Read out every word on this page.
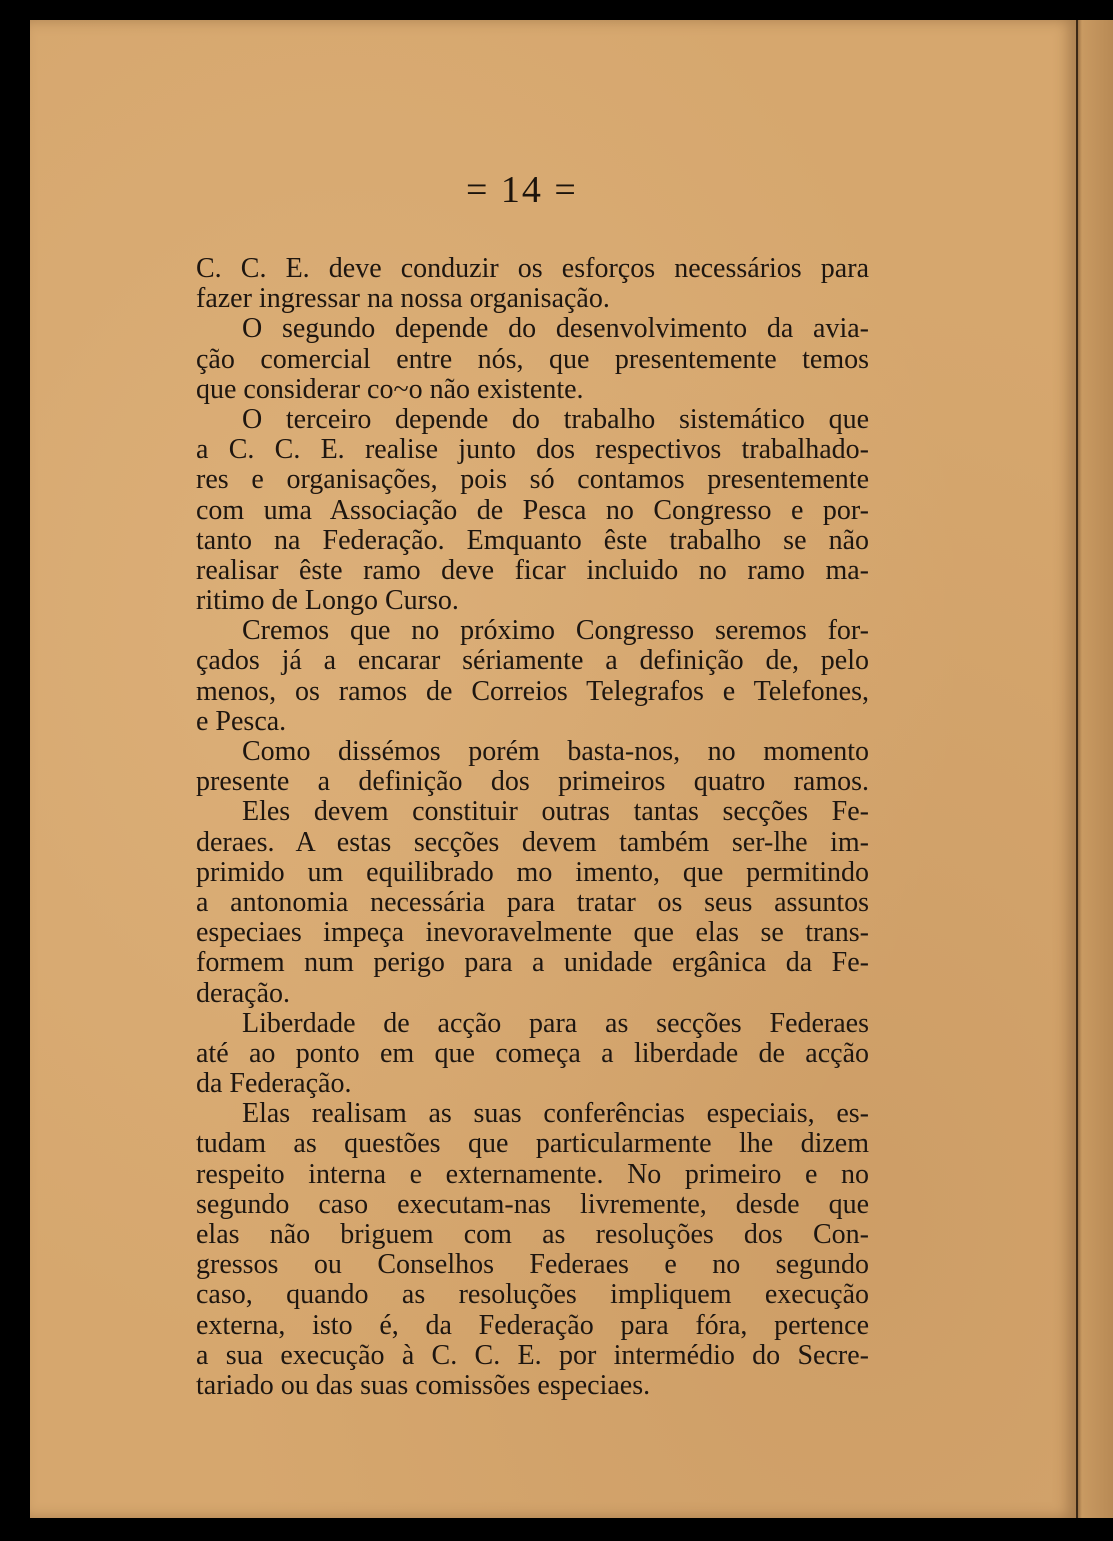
= 14 =
C. C. E. deve conduzir os esforços necessários para
fazer ingressar na nossa organisação.
O segundo depende do desenvolvimento da avia-
ção comercial entre nós, que presentemente temos
que considerar co~o não existente.
O terceiro depende do trabalho sistemático que
a C. C. E. realise junto dos respectivos trabalhado-
res e organisações, pois só contamos presentemente
com uma Associação de Pesca no Congresso e por-
tanto na Federação. Emquanto êste trabalho se não
realisar êste ramo deve ficar incluido no ramo ma-
ritimo de Longo Curso.
Cremos que no próximo Congresso seremos for-
çados já a encarar sériamente a definição de, pelo
menos, os ramos de Correios Telegrafos e Telefones,
e Pesca.
Como dissémos porém basta-nos, no momento
presente a definição dos primeiros quatro ramos.
Eles devem constituir outras tantas secções Fe-
deraes. A estas secções devem também ser-lhe im-
primido um equilibrado mo imento, que permitindo
a antonomia necessária para tratar os seus assuntos
especiaes impeça inevoravelmente que elas se trans-
formem num perigo para a unidade ergânica da Fe-
deração.
Liberdade de acção para as secções Federaes
até ao ponto em que começa a liberdade de acção
da Federação.
Elas realisam as suas conferências especiais, es-
tudam as questões que particularmente lhe dizem
respeito interna e externamente. No primeiro e no
segundo caso executam-nas livremente, desde que
elas não briguem com as resoluções dos Con-
gressos ou Conselhos Federaes e no segundo
caso, quando as resoluções impliquem execução
externa, isto é, da Federação para fóra, pertence
a sua execução à C. C. E. por intermédio do Secre-
tariado ou das suas comissões especiaes.
